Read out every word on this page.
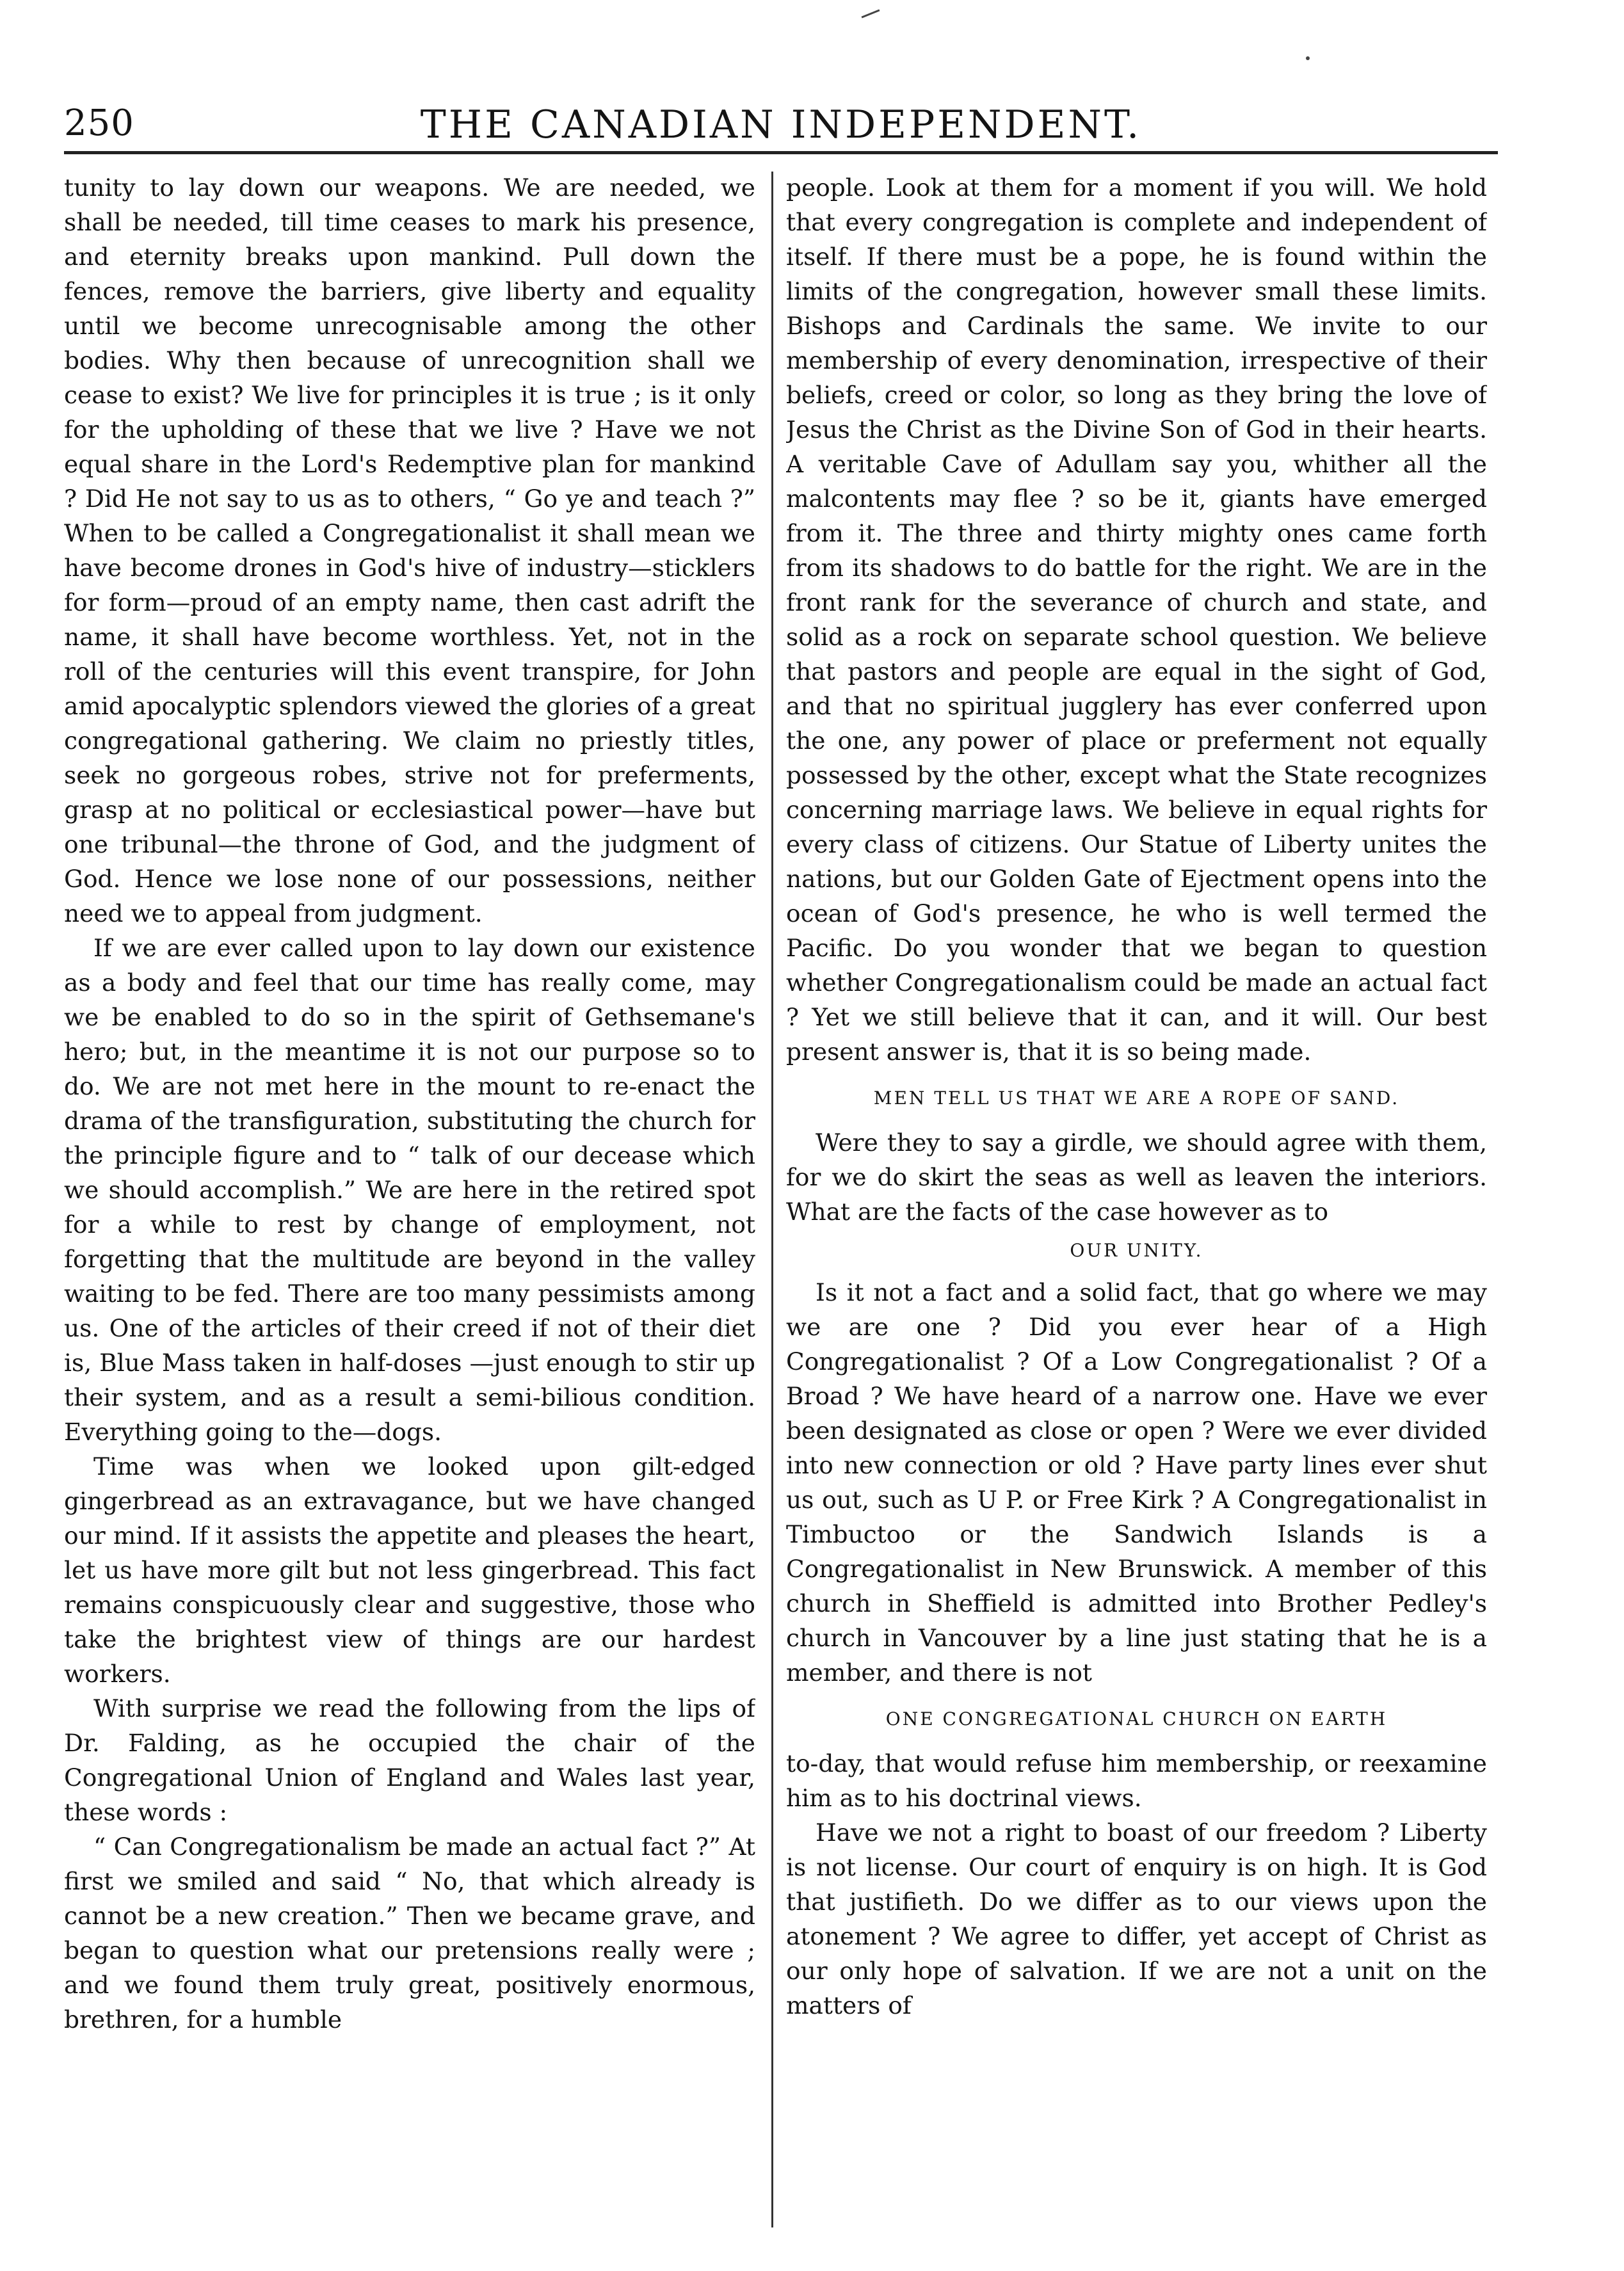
250	THE CANADIAN INDEPENDENT.

tunity to lay down our weapons. We are needed, we shall be needed, till time ceases to mark his presence, and eternity breaks upon mankind. Pull down the fences, remove the barriers, give liberty and equality until we become unrecognisable among the other bodies. Why then because of unrecognition shall we cease to exist? We live for principles it is true ; is it only for the upholding of these that we live ? Have we not equal share in the Lord's Redemptive plan for mankind ? Did He not say to us as to others, “ Go ye and teach ?” When to be called a Congregationalist it shall mean we have become drones in God's hive of industry—sticklers for form—proud of an empty name, then cast adrift the name, it shall have become worthless. Yet, not in the roll of the centuries will this event transpire, for John amid apocalyptic splendors viewed the glories of a great congregational gathering. We claim no priestly titles, seek no gorgeous robes, strive not for preferments, grasp at no political or ecclesiastical power—have but one tribunal—the throne of God, and the judgment of God. Hence we lose none of our possessions, neither need we to appeal from judgment.

If we are ever called upon to lay down our existence as a body and feel that our time has really come, may we be enabled to do so in the spirit of Gethsemane's hero; but, in the meantime it is not our purpose so to do. We are not met here in the mount to re-enact the drama of the transfiguration, substituting the church for the principle figure and to “ talk of our decease which we should accomplish.” We are here in the retired spot for a while to rest by change of employment, not forgetting that the multitude are beyond in the valley waiting to be fed. There are too many pessimists among us. One of the articles of their creed if not of their diet is, Blue Mass taken in half-doses —just enough to stir up their system, and as a result a semi-bilious condition. Everything going to the—dogs.

Time was when we looked upon gilt-edged gingerbread as an extravagance, but we have changed our mind. If it assists the appetite and pleases the heart, let us have more gilt but not less gingerbread. This fact remains conspicuously clear and suggestive, those who take the brightest view of things are our hardest workers.

With surprise we read the following from the lips of Dr. Falding, as he occupied the chair of the Congregational Union of England and Wales last year, these words :

“ Can Congregationalism be made an actual fact ?” At first we smiled and said “ No, that which already is cannot be a new creation.” Then we became grave, and began to question what our pretensions really were ; and we found them truly great, positively enormous, brethren, for a humble

people. Look at them for a moment if you will. We hold that every congregation is complete and independent of itself. If there must be a pope, he is found within the limits of the congregation, however small these limits. Bishops and Cardinals the same. We invite to our membership of every denomination, irrespective of their beliefs, creed or color, so long as they bring the love of Jesus the Christ as the Divine Son of God in their hearts. A veritable Cave of Adullam say you, whither all the malcontents may flee ? so be it, giants have emerged from it. The three and thirty mighty ones came forth from its shadows to do battle for the right. We are in the front rank for the severance of church and state, and solid as a rock on separate school question. We believe that pastors and people are equal in the sight of God, and that no spiritual jugglery has ever conferred upon the one, any power of place or preferment not equally possessed by the other, except what the State recognizes concerning marriage laws. We believe in equal rights for every class of citizens. Our Statue of Liberty unites the nations, but our Golden Gate of Ejectment opens into the ocean of God's presence, he who is well termed the Pacific. Do you wonder that we began to question whether Congregationalism could be made an actual fact ? Yet we still believe that it can, and it will. Our best present answer is, that it is so being made.

MEN TELL US THAT WE ARE A ROPE OF SAND.

Were they to say a girdle, we should agree with them, for we do skirt the seas as well as leaven the interiors. What are the facts of the case however as to

OUR UNITY.

Is it not a fact and a solid fact, that go where we may we are one ? Did you ever hear of a High Congregationalist ? Of a Low Congregationalist ? Of a Broad ? We have heard of a narrow one. Have we ever been designated as close or open ? Were we ever divided into new connection or old ? Have party lines ever shut us out, such as U P. or Free Kirk ? A Congregationalist in Timbuctoo or the Sandwich Islands is a Congregationalist in New Brunswick. A member of this church in Sheffield is admitted into Brother Pedley's church in Vancouver by a line just stating that he is a member, and there is not

ONE CONGREGATIONAL CHURCH ON EARTH

to-day, that would refuse him membership, or reexamine him as to his doctrinal views.

Have we not a right to boast of our freedom ? Liberty is not license. Our court of enquiry is on high. It is God that justifieth. Do we differ as to our views upon the atonement ? We agree to differ, yet accept of Christ as our only hope of salvation. If we are not a unit on the matters of
